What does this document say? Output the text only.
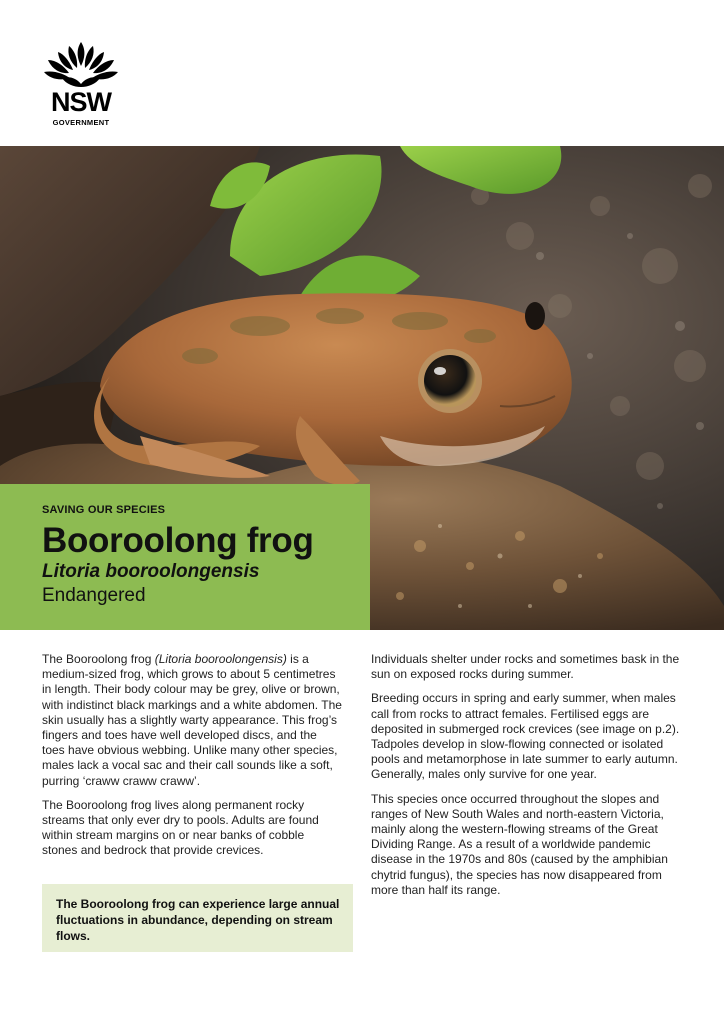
NSW
GOVERNMENT
SAVING OUR SPECIES
Booroolong frog
Litoria booroolongensis
Endangered

The Booroolong frog (Litoria booroolongensis) is a medium-sized frog, which grows to about 5 centimetres in length. Their body colour may be grey, olive or brown, with indistinct black markings and a white abdomen. The skin usually has a slightly warty appearance. This frog’s fingers and toes have well developed discs, and the toes have obvious webbing. Unlike many other species, males lack a vocal sac and their call sounds like a soft, purring ‘craww craww craww’.

The Booroolong frog lives along permanent rocky streams that only ever dry to pools. Adults are found within stream margins on or near banks of cobble stones and bedrock that provide crevices.

The Booroolong frog can experience large annual fluctuations in abundance, depending on stream flows.

Individuals shelter under rocks and sometimes bask in the sun on exposed rocks during summer.

Breeding occurs in spring and early summer, when males call from rocks to attract females. Fertilised eggs are deposited in submerged rock crevices (see image on p.2). Tadpoles develop in slow-flowing connected or isolated pools and metamorphose in late summer to early autumn. Generally, males only survive for one year.

This species once occurred throughout the slopes and ranges of New South Wales and north-eastern Victoria, mainly along the western-flowing streams of the Great Dividing Range. As a result of a worldwide pandemic disease in the 1970s and 80s (caused by the amphibian chytrid fungus), the species has now disappeared from more than half its range.
